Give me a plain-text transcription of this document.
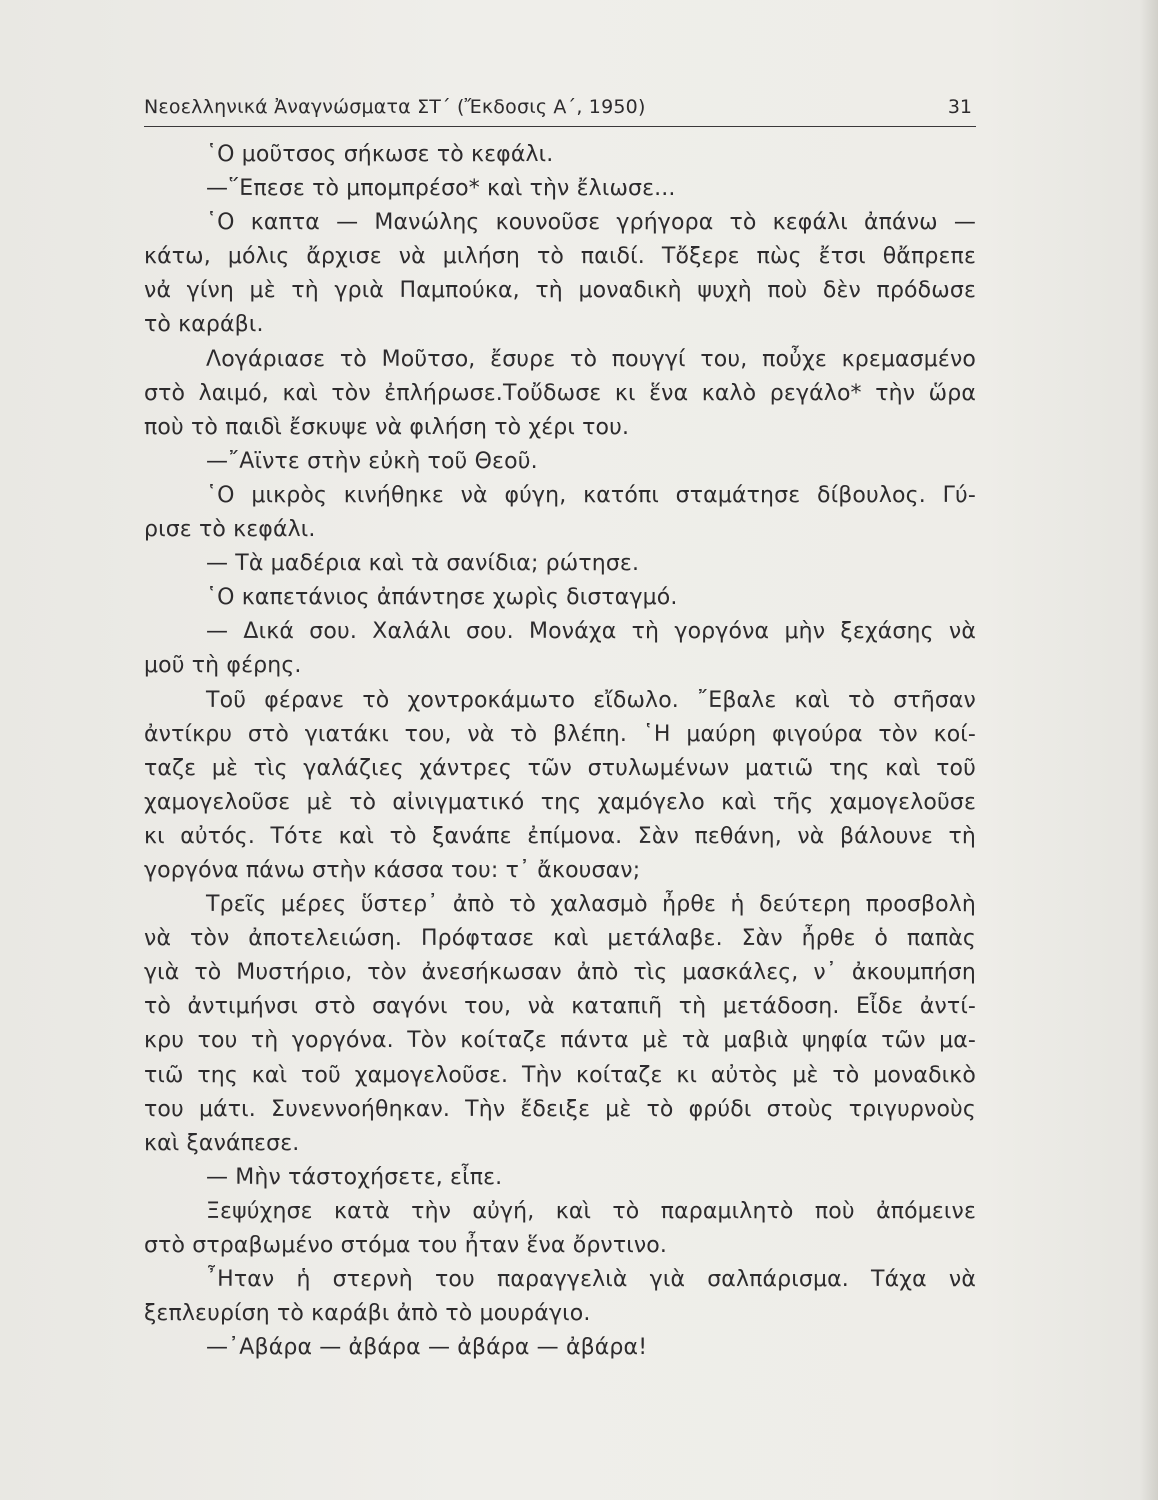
Νεοελληνικά Ἀναγνώσματα ΣΤ΄ (Ἔκδοσις Α΄, 1950)	31
῾Ο μοῦτσος σήκωσε τὸ κεφάλι.
—῞Επεσε τὸ μπομπρέσο* καὶ τὴν ἔλιωσε...
῾Ο καπτα — Μανώλης κουνοῦσε γρήγορα τὸ κεφάλι ἀπάνω —
κάτω, μόλις ἄρχισε νὰ μιλήση τὸ παιδί. Τὄξερε πὼς ἔτσι θἄπρεπε
νἀ γίνη μὲ τὴ γριὰ Παμπούκα, τὴ μοναδικὴ ψυχὴ ποὺ δὲν πρόδωσε
τὸ καράβι.
Λογάριασε τὸ Μοῦτσο, ἔσυρε τὸ πουγγί του, ποὖχε κρεμασμένο
στὸ λαιμό, καὶ τὸν ἐπλήρωσε.Τοὔδωσε κι ἕνα καλὸ ρεγάλο* τὴν ὥρα
ποὺ τὸ παιδὶ ἔσκυψε νὰ φιλήση τὸ χέρι του.
—῎Αϊντε στὴν εὐκὴ τοῦ Θεοῦ.
῾Ο μικρὸς κινήθηκε νὰ φύγη, κατόπι σταμάτησε δίβουλος. Γύ-
ρισε τὸ κεφάλι.
— Τὰ μαδέρια καὶ τὰ σανίδια; ρώτησε.
῾Ο καπετάνιος ἀπάντησε χωρὶς δισταγμό.
— Δικά σου. Χαλάλι σου. Μονάχα τὴ γοργόνα μὴν ξεχάσης νὰ
μοῦ τὴ φέρης.
Τοῦ φέρανε τὸ χοντροκάμωτο εἴδωλο. ῎Εβαλε καὶ τὸ στῆσαν
ἀντίκρυ στὸ γιατάκι του, νὰ τὸ βλέπη. ῾Η μαύρη φιγούρα τὸν κοί-
ταζε μὲ τὶς γαλάζιες χάντρες τῶν στυλωμένων ματιῶ της καὶ τοῦ
χαμογελοῦσε μὲ τὸ αἰνιγματικό της χαμόγελο καὶ τῆς χαμογελοῦσε
κι αὐτός. Τότε καὶ τὸ ξανάπε ἐπίμονα. Σὰν πεθάνη, νὰ βάλουνε τὴ
γοργόνα πάνω στὴν κάσσα του: τ᾿ ἄκουσαν;
Τρεῖς μέρες ὕστερ᾿ ἀπὸ τὸ χαλασμὸ ἦρθε ἡ δεύτερη προσβολὴ
νὰ τὸν ἀποτελειώση. Πρόφτασε καὶ μετάλαβε. Σὰν ἦρθε ὁ παπὰς
γιὰ τὸ Μυστήριο, τὸν ἀνεσήκωσαν ἀπὸ τὶς μασκάλες, ν᾿ ἀκουμπήση
τὸ ἀντιμήνσι στὸ σαγόνι του, νὰ καταπιῆ τὴ μετάδοση. Εἶδε ἀντί-
κρυ του τὴ γοργόνα. Τὸν κοίταζε πάντα μὲ τὰ μαβιὰ ψηφία τῶν μα-
τιῶ της καὶ τοῦ χαμογελοῦσε. Τὴν κοίταζε κι αὐτὸς μὲ τὸ μοναδικὸ
του μάτι. Συνεννοήθηκαν. Τὴν ἔδειξε μὲ τὸ φρύδι στοὺς τριγυρνοὺς
καὶ ξανάπεσε.
— Μὴν τάστοχήσετε, εἶπε.
Ξεψύχησε κατὰ τὴν αὐγή, καὶ τὸ παραμιλητὸ ποὺ ἀπόμεινε
στὸ στραβωμένο στόμα του ἦταν ἕνα ὄρντινο.
῏Ηταν ἡ στερνὴ του παραγγελιὰ γιὰ σαλπάρισμα. Τάχα νὰ
ξεπλευρίση τὸ καράβι ἀπὸ τὸ μουράγιο.
—᾿Αβάρα — ἀβάρα — ἀβάρα — ἀβάρα!
